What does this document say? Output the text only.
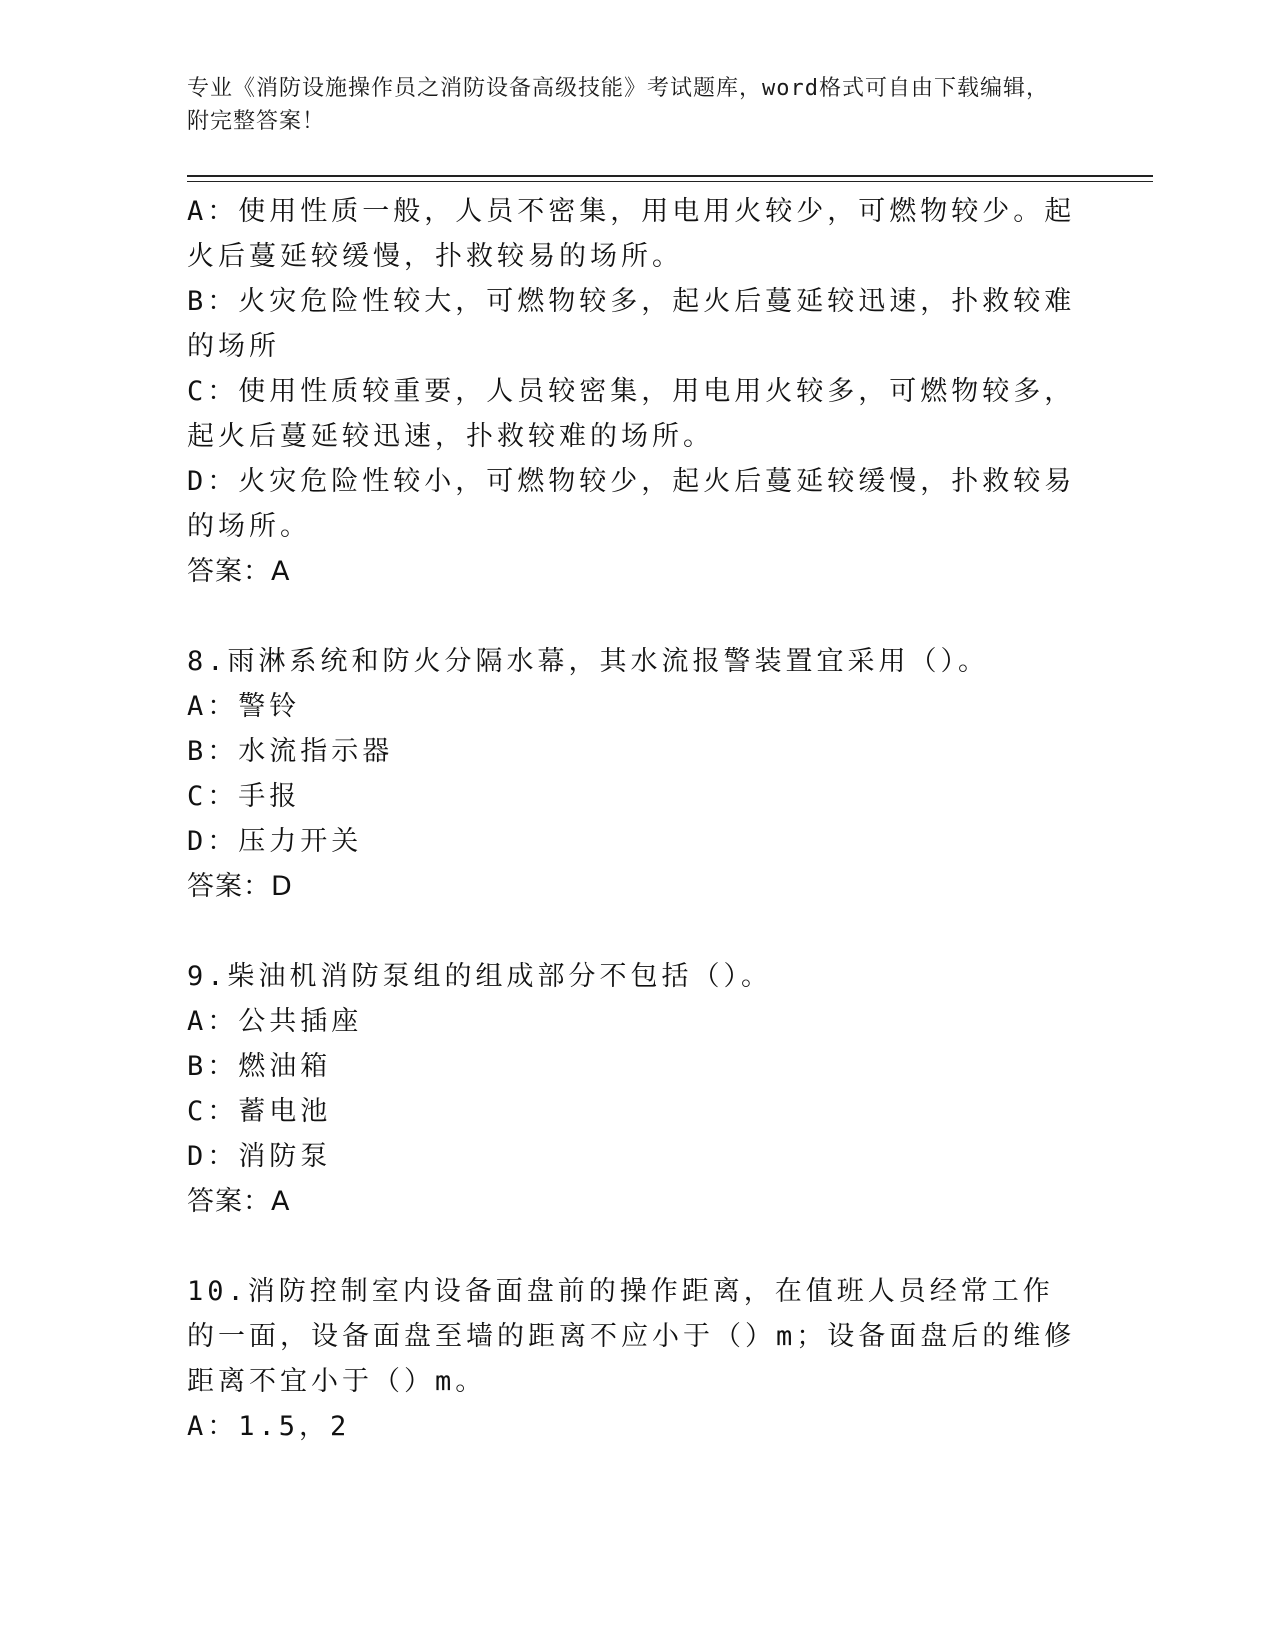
专业《消防设施操作员之消防设备高级技能》考试题库，word格式可自由下载编辑，附完整答案！

A：使用性质一般，人员不密集，用电用火较少，可燃物较少。起火后蔓延较缓慢，扑救较易的场所。

B：火灾危险性较大，可燃物较多，起火后蔓延较迅速，扑救较难的场所

C：使用性质较重要，人员较密集，用电用火较多，可燃物较多，起火后蔓延较迅速，扑救较难的场所。

D：火灾危险性较小，可燃物较少，起火后蔓延较缓慢，扑救较易的场所。

答案：A

8.雨淋系统和防火分隔水幕，其水流报警装置宜采用（）。

A：警铃

B：水流指示器

C：手报

D：压力开关

答案：D

9.柴油机消防泵组的组成部分不包括（）。

A：公共插座

B：燃油箱

C：蓄电池

D：消防泵

答案：A

10.消防控制室内设备面盘前的操作距离，在值班人员经常工作的一面，设备面盘至墙的距离不应小于（）m；设备面盘后的维修距离不宜小于（）m。

A：1.5，2
